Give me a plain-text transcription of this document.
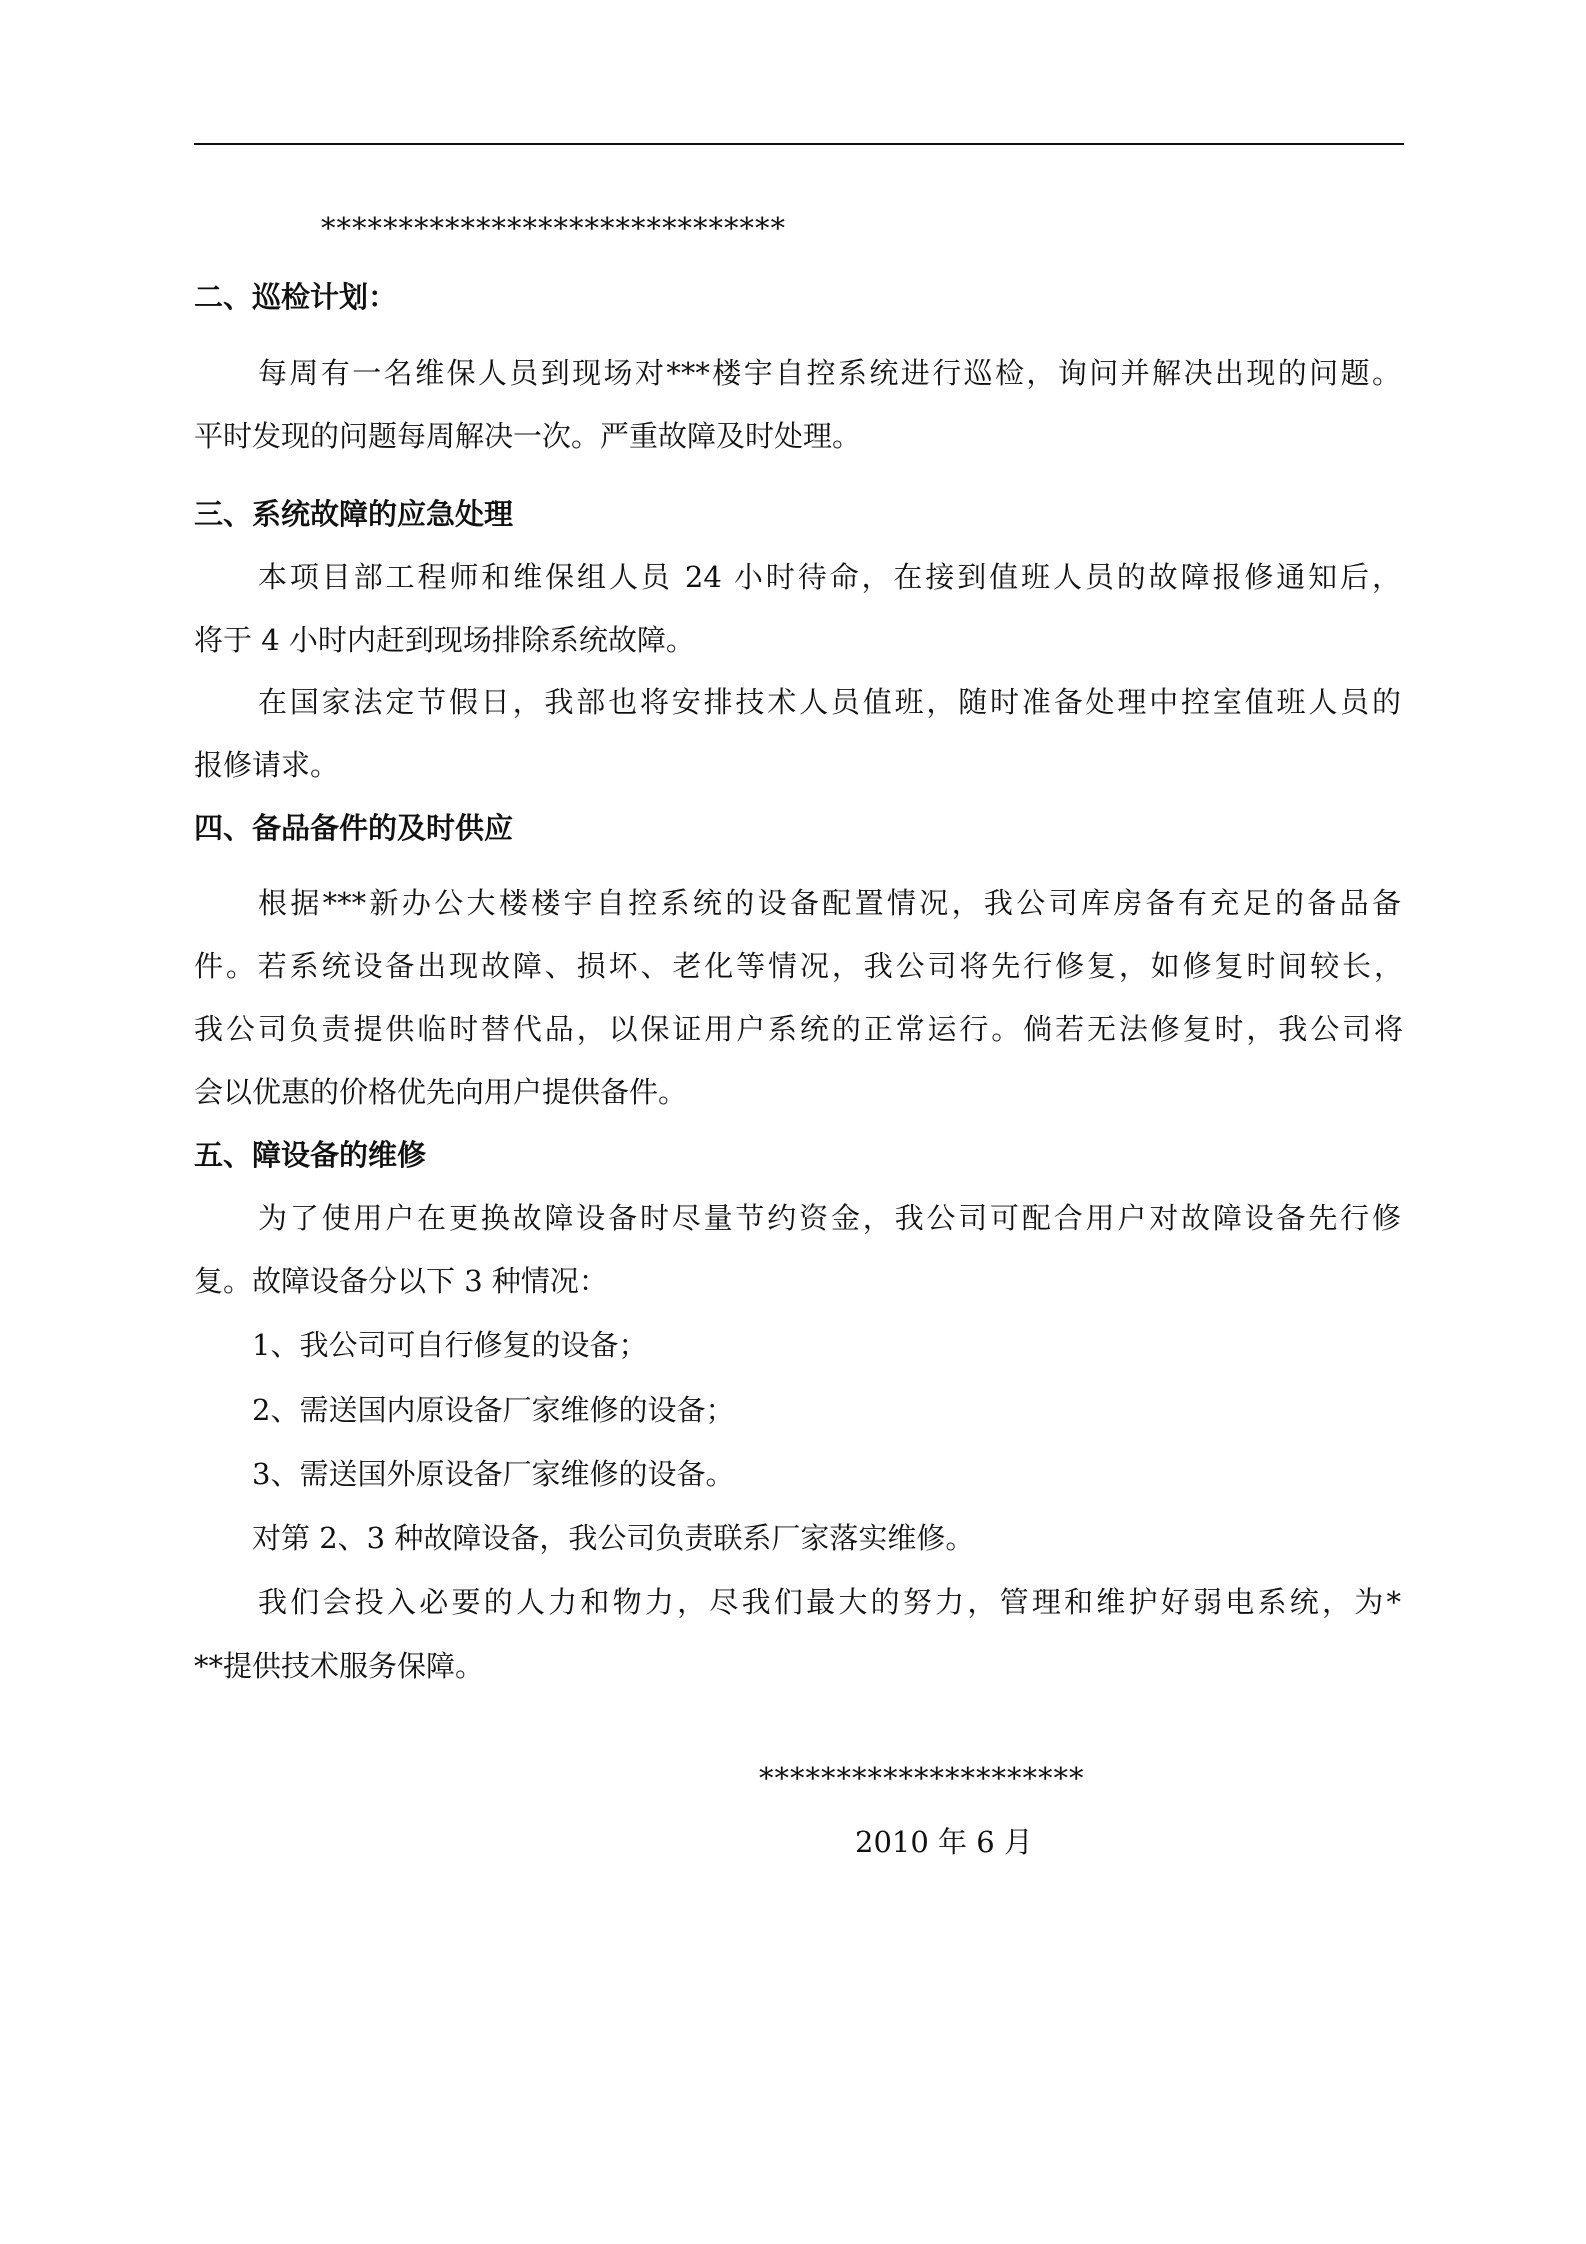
******************************
二、巡检计划：
每周有一名维保人员到现场对***楼宇自控系统进行巡检，询问并解决出现的问题。
平时发现的问题每周解决一次。严重故障及时处理。
三、系统故障的应急处理
本项目部工程师和维保组人员 24 小时待命，在接到值班人员的故障报修通知后，
将于 4 小时内赶到现场排除系统故障。
在国家法定节假日，我部也将安排技术人员值班，随时准备处理中控室值班人员的
报修请求。
四、备品备件的及时供应
根据***新办公大楼楼宇自控系统的设备配置情况，我公司库房备有充足的备品备
件。若系统设备出现故障、损坏、老化等情况，我公司将先行修复，如修复时间较长，
我公司负责提供临时替代品，以保证用户系统的正常运行。倘若无法修复时，我公司将
会以优惠的价格优先向用户提供备件。
五、障设备的维修
为了使用户在更换故障设备时尽量节约资金，我公司可配合用户对故障设备先行修
复。故障设备分以下 3 种情况：
1、我公司可自行修复的设备；
2、需送国内原设备厂家维修的设备；
3、需送国外原设备厂家维修的设备。
对第 2、3 种故障设备，我公司负责联系厂家落实维修。
我们会投入必要的人力和物力，尽我们最大的努力，管理和维护好弱电系统，为*
**提供技术服务保障。
*********************
2010 年 6 月
